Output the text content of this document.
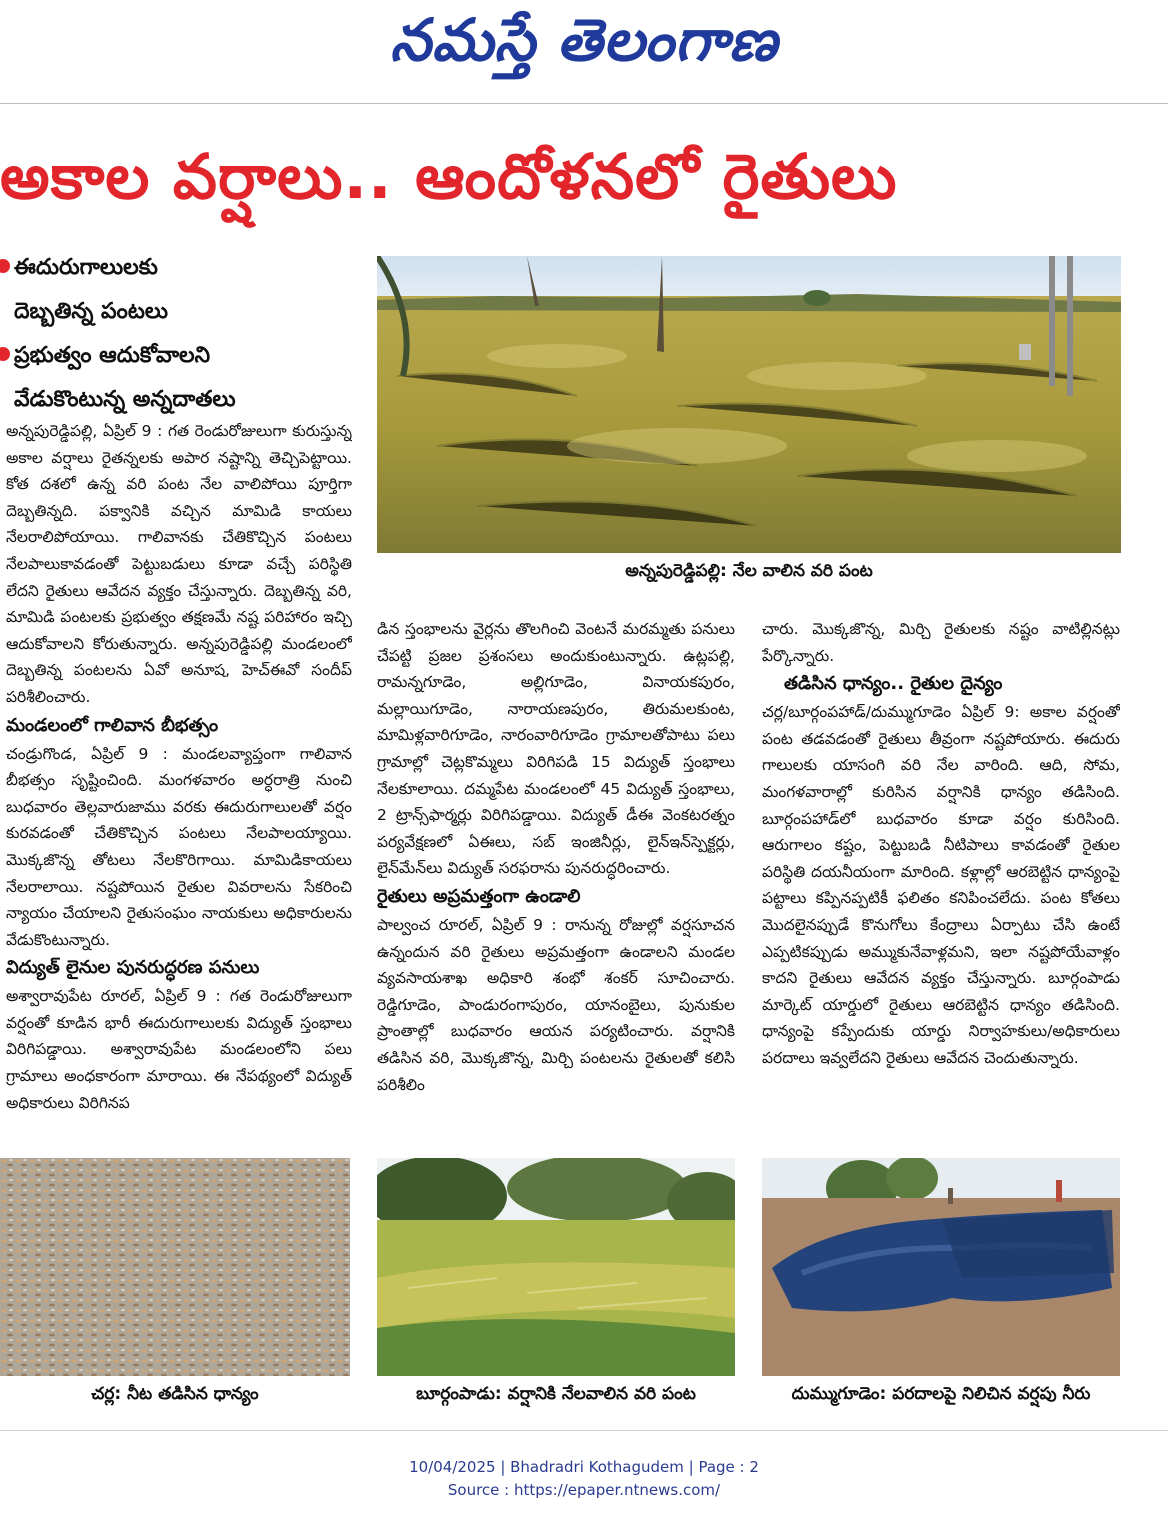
నమస్తే తెలంగాణ
అకాల వర్షాలు.. ఆందోళనలో రైతులు
ఈదురుగాలులకు
దెబ్బతిన్న పంటలు
ప్రభుత్వం ఆదుకోవాలని
వేడుకొంటున్న అన్నదాతలు

అన్నపురెడ్డిపల్లి, ఏప్రిల్ 9 : గత రెండురోజులుగా కురుస్తున్న అకాల వర్షాలు రైతన్నలకు అపార నష్టాన్ని తెచ్చిపెట్టాయి. కోత దశలో ఉన్న వరి పంట నేల వాలిపోయి పూర్తిగా దెబ్బతిన్నది. పక్వానికి వచ్చిన మామిడి కాయలు నేలరాలిపోయాయి. గాలివానకు చేతికొచ్చిన పంటలు నేలపాలుకావడంతో పెట్టుబడులు కూడా వచ్చే పరిస్థితి లేదని రైతులు ఆవేదన వ్యక్తం చేస్తున్నారు. దెబ్బతిన్న వరి, మామిడి పంటలకు ప్రభుత్వం తక్షణమే నష్ట పరిహారం ఇచ్చి ఆదుకోవాలని కోరుతున్నారు. అన్నపురెడ్డిపల్లి మండలంలో దెబ్బతిన్న పంటలను ఏవో అనూష, హెచ్ఈవో సందీప్ పరిశీలించారు.

మండలంలో గాలివాన బీభత్సం

చండ్రుగొండ, ఏప్రిల్ 9 : మండలవ్యాప్తంగా గాలివాన బీభత్సం సృష్టించింది. మంగళవారం అర్ధరాత్రి నుంచి బుధవారం తెల్లవారుజాము వరకు ఈదురుగాలులతో వర్షం కురవడంతో చేతికొచ్చిన పంటలు నేలపాలయ్యాయి. మొక్కజొన్న తోటలు నేలకొరిగాయి. మామిడికాయలు నేలరాలాయి. నష్టపోయిన రైతుల వివరాలను సేకరించి న్యాయం చేయాలని రైతుసంఘం నాయకులు అధికారులను వేడుకొంటున్నారు.

విద్యుత్ లైనుల పునరుద్ధరణ పనులు

అశ్వారావుపేట రూరల్, ఏప్రిల్ 9 : గత రెండురోజులుగా వర్షంతో కూడిన భారీ ఈదురుగాలులకు విద్యుత్ స్తంభాలు విరిగిపడ్డాయి. అశ్వారావుపేట మండలంలోని పలు గ్రామాలు అంధకారంగా మారాయి. ఈ నేపథ్యంలో విద్యుత్ అధికారులు విరిగినప

అన్నపురెడ్డిపల్లి: నేల వాలిన వరి పంట

డిన స్తంభాలను వైర్లను తొలగించి వెంటనే మరమ్మతు పనులు చేపట్టి ప్రజల ప్రశంసలు అందుకుంటున్నారు. ఉట్లపల్లి, రామన్నగూడెం, అల్లిగూడెం, వినాయకపురం, మల్లాయిగూడెం, నారాయణపురం, తిరుమలకుంట, మామిళ్లవారిగూడెం, నారంవారిగూడెం గ్రామాలతోపాటు పలు గ్రామాల్లో చెట్లకొమ్మలు విరిగిపడి 15 విద్యుత్ స్తంభాలు నేలకూలాయి. దమ్మపేట మండలంలో 45 విద్యుత్ స్తంభాలు, 2 ట్రాన్స్‌ఫార్మర్లు విరిగిపడ్డాయి. విద్యుత్ డీఈ వెంకటరత్నం పర్యవేక్షణలో ఏఈలు, సబ్ ఇంజినీర్లు, లైన్‌ఇన్‌స్పెక్టర్లు, లైన్‌మేన్‌లు విద్యుత్ సరఫరాను పునరుద్ధరించారు.

రైతులు అప్రమత్తంగా ఉండాలి

పాల్వంచ రూరల్, ఏప్రిల్ 9 : రానున్న రోజుల్లో వర్షసూచన ఉన్నందున వరి రైతులు అప్రమత్తంగా ఉండాలని మండల వ్యవసాయశాఖ అధికారి శంభో శంకర్ సూచించారు. రెడ్డిగూడెం, పాండురంగాపురం, యానంబైలు, పునుకుల ప్రాంతాల్లో బుధవారం ఆయన పర్యటించారు. వర్షానికి తడిసిన వరి, మొక్కజొన్న, మిర్చి పంటలను రైతులతో కలిసి పరిశీలిం

చారు. మొక్కజొన్న, మిర్చి రైతులకు నష్టం వాటిల్లినట్లు పేర్కొన్నారు.

తడిసిన ధాన్యం.. రైతుల దైన్యం

చర్ల/బూర్గంపహాడ్/దుమ్ముగూడెం ఏప్రిల్ 9: అకాల వర్షంతో పంట తడవడంతో రైతులు తీవ్రంగా నష్టపోయారు. ఈదురు గాలులకు యాసంగి వరి నేల వారింది. ఆది, సోమ, మంగళవారాల్లో కురిసిన వర్షానికి ధాన్యం తడిసింది. బూర్గంపహాడ్‌లో బుధవారం కూడా వర్షం కురిసింది. ఆరుగాలం కష్టం, పెట్టుబడి నీటిపాలు కావడంతో రైతుల పరిస్థితి దయనీయంగా మారింది. కళ్లాల్లో ఆరబెట్టిన ధాన్యంపై పట్టాలు కప్పినప్పటికీ ఫలితం కనిపించలేదు. పంట కోతలు మొదలైనప్పుడే కొనుగోలు కేంద్రాలు ఏర్పాటు చేసి ఉంటే ఎప్పటికప్పుడు అమ్ముకునేవాళ్లమని, ఇలా నష్టపోయేవాళ్లం కాదని రైతులు ఆవేదన వ్యక్తం చేస్తున్నారు. బూర్గంపాడు మార్కెట్ యార్డులో రైతులు ఆరబెట్టిన ధాన్యం తడిసింది. ధాన్యంపై కప్పేందుకు యార్డు నిర్వాహకులు/అధికారులు పరదాలు ఇవ్వలేదని రైతులు ఆవేదన చెందుతున్నారు.

చర్ల: నీట తడిసిన ధాన్యం	బూర్గంపాడు: వర్షానికి నేలవాలిన వరి పంట	దుమ్ముగూడెం: పరదాలపై నిలిచిన వర్షపు నీరు
10/04/2025 | Bhadradri Kothagudem | Page : 2
Source : https://epaper.ntnews.com/
